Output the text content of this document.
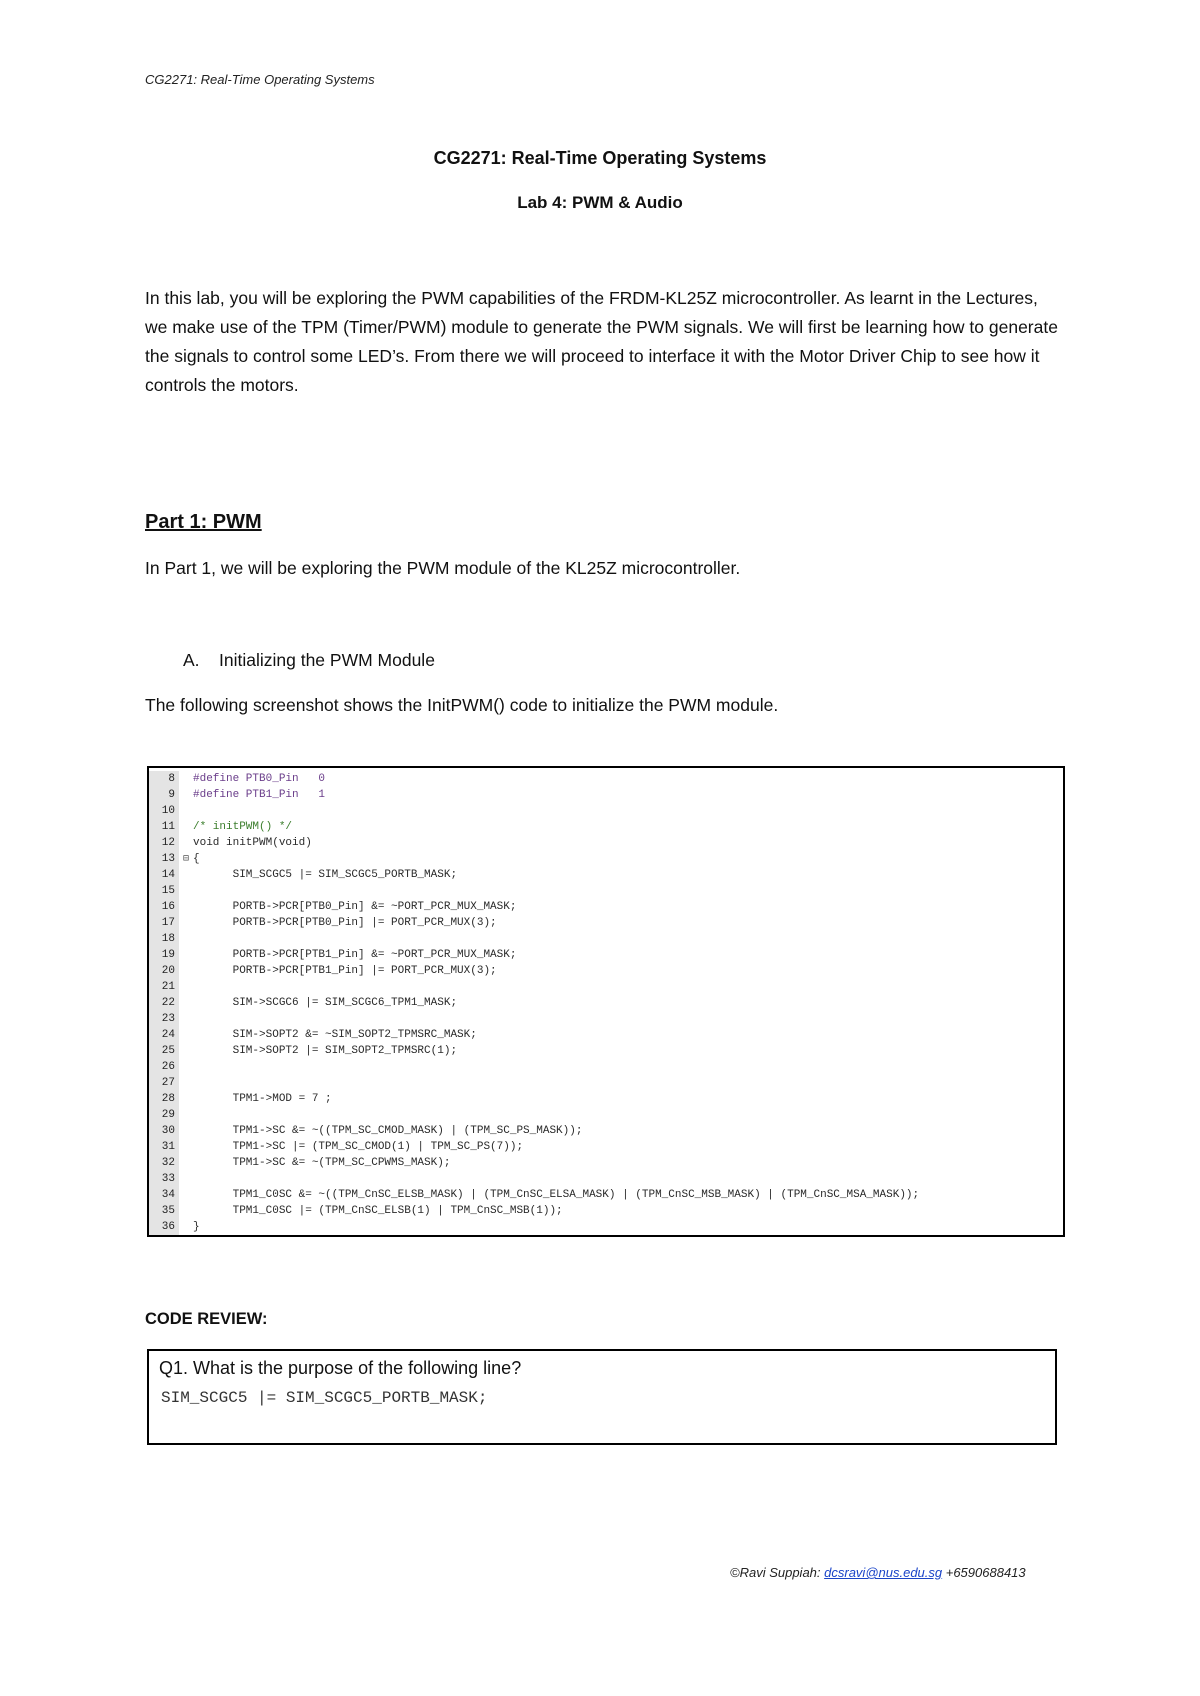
CG2271: Real-Time Operating Systems
CG2271: Real-Time Operating Systems
Lab 4: PWM & Audio
In this lab, you will be exploring the PWM capabilities of the FRDM-KL25Z microcontroller. As learnt in the Lectures, we make use of the TPM (Timer/PWM) module to generate the PWM signals. We will first be learning how to generate the signals to control some LED’s. From there we will proceed to interface it with the Motor Driver Chip to see how it controls the motors.
Part 1: PWM
In Part 1, we will be exploring the PWM module of the KL25Z microcontroller.
A. Initializing the PWM Module
The following screenshot shows the InitPWM() code to initialize the PWM module.
8	#define PTB0_Pin   0
9	#define PTB1_Pin   1
10
11	/* initPWM() */
12	void initPWM(void)
13 ⊟ {
14	SIM_SCGC5 |= SIM_SCGC5_PORTB_MASK;
15
16	PORTB->PCR[PTB0_Pin] &= ~PORT_PCR_MUX_MASK;
17	PORTB->PCR[PTB0_Pin] |= PORT_PCR_MUX(3);
18
19	PORTB->PCR[PTB1_Pin] &= ~PORT_PCR_MUX_MASK;
20	PORTB->PCR[PTB1_Pin] |= PORT_PCR_MUX(3);
21
22	SIM->SCGC6 |= SIM_SCGC6_TPM1_MASK;
23
24	SIM->SOPT2 &= ~SIM_SOPT2_TPMSRC_MASK;
25	SIM->SOPT2 |= SIM_SOPT2_TPMSRC(1);
26
27
28	TPM1->MOD = 7 ;
29
30	TPM1->SC &= ~((TPM_SC_CMOD_MASK) | (TPM_SC_PS_MASK));
31	TPM1->SC |= (TPM_SC_CMOD(1) | TPM_SC_PS(7));
32	TPM1->SC &= ~(TPM_SC_CPWMS_MASK);
33
34	TPM1_C0SC &= ~((TPM_CnSC_ELSB_MASK) | (TPM_CnSC_ELSA_MASK) | (TPM_CnSC_MSB_MASK) | (TPM_CnSC_MSA_MASK));
35	TPM1_C0SC |= (TPM_CnSC_ELSB(1) | TPM_CnSC_MSB(1));
36	}
CODE REVIEW:
Q1. What is the purpose of the following line?
SIM_SCGC5 |= SIM_SCGC5_PORTB_MASK;
©Ravi Suppiah: dcsravi@nus.edu.sg +6590688413
